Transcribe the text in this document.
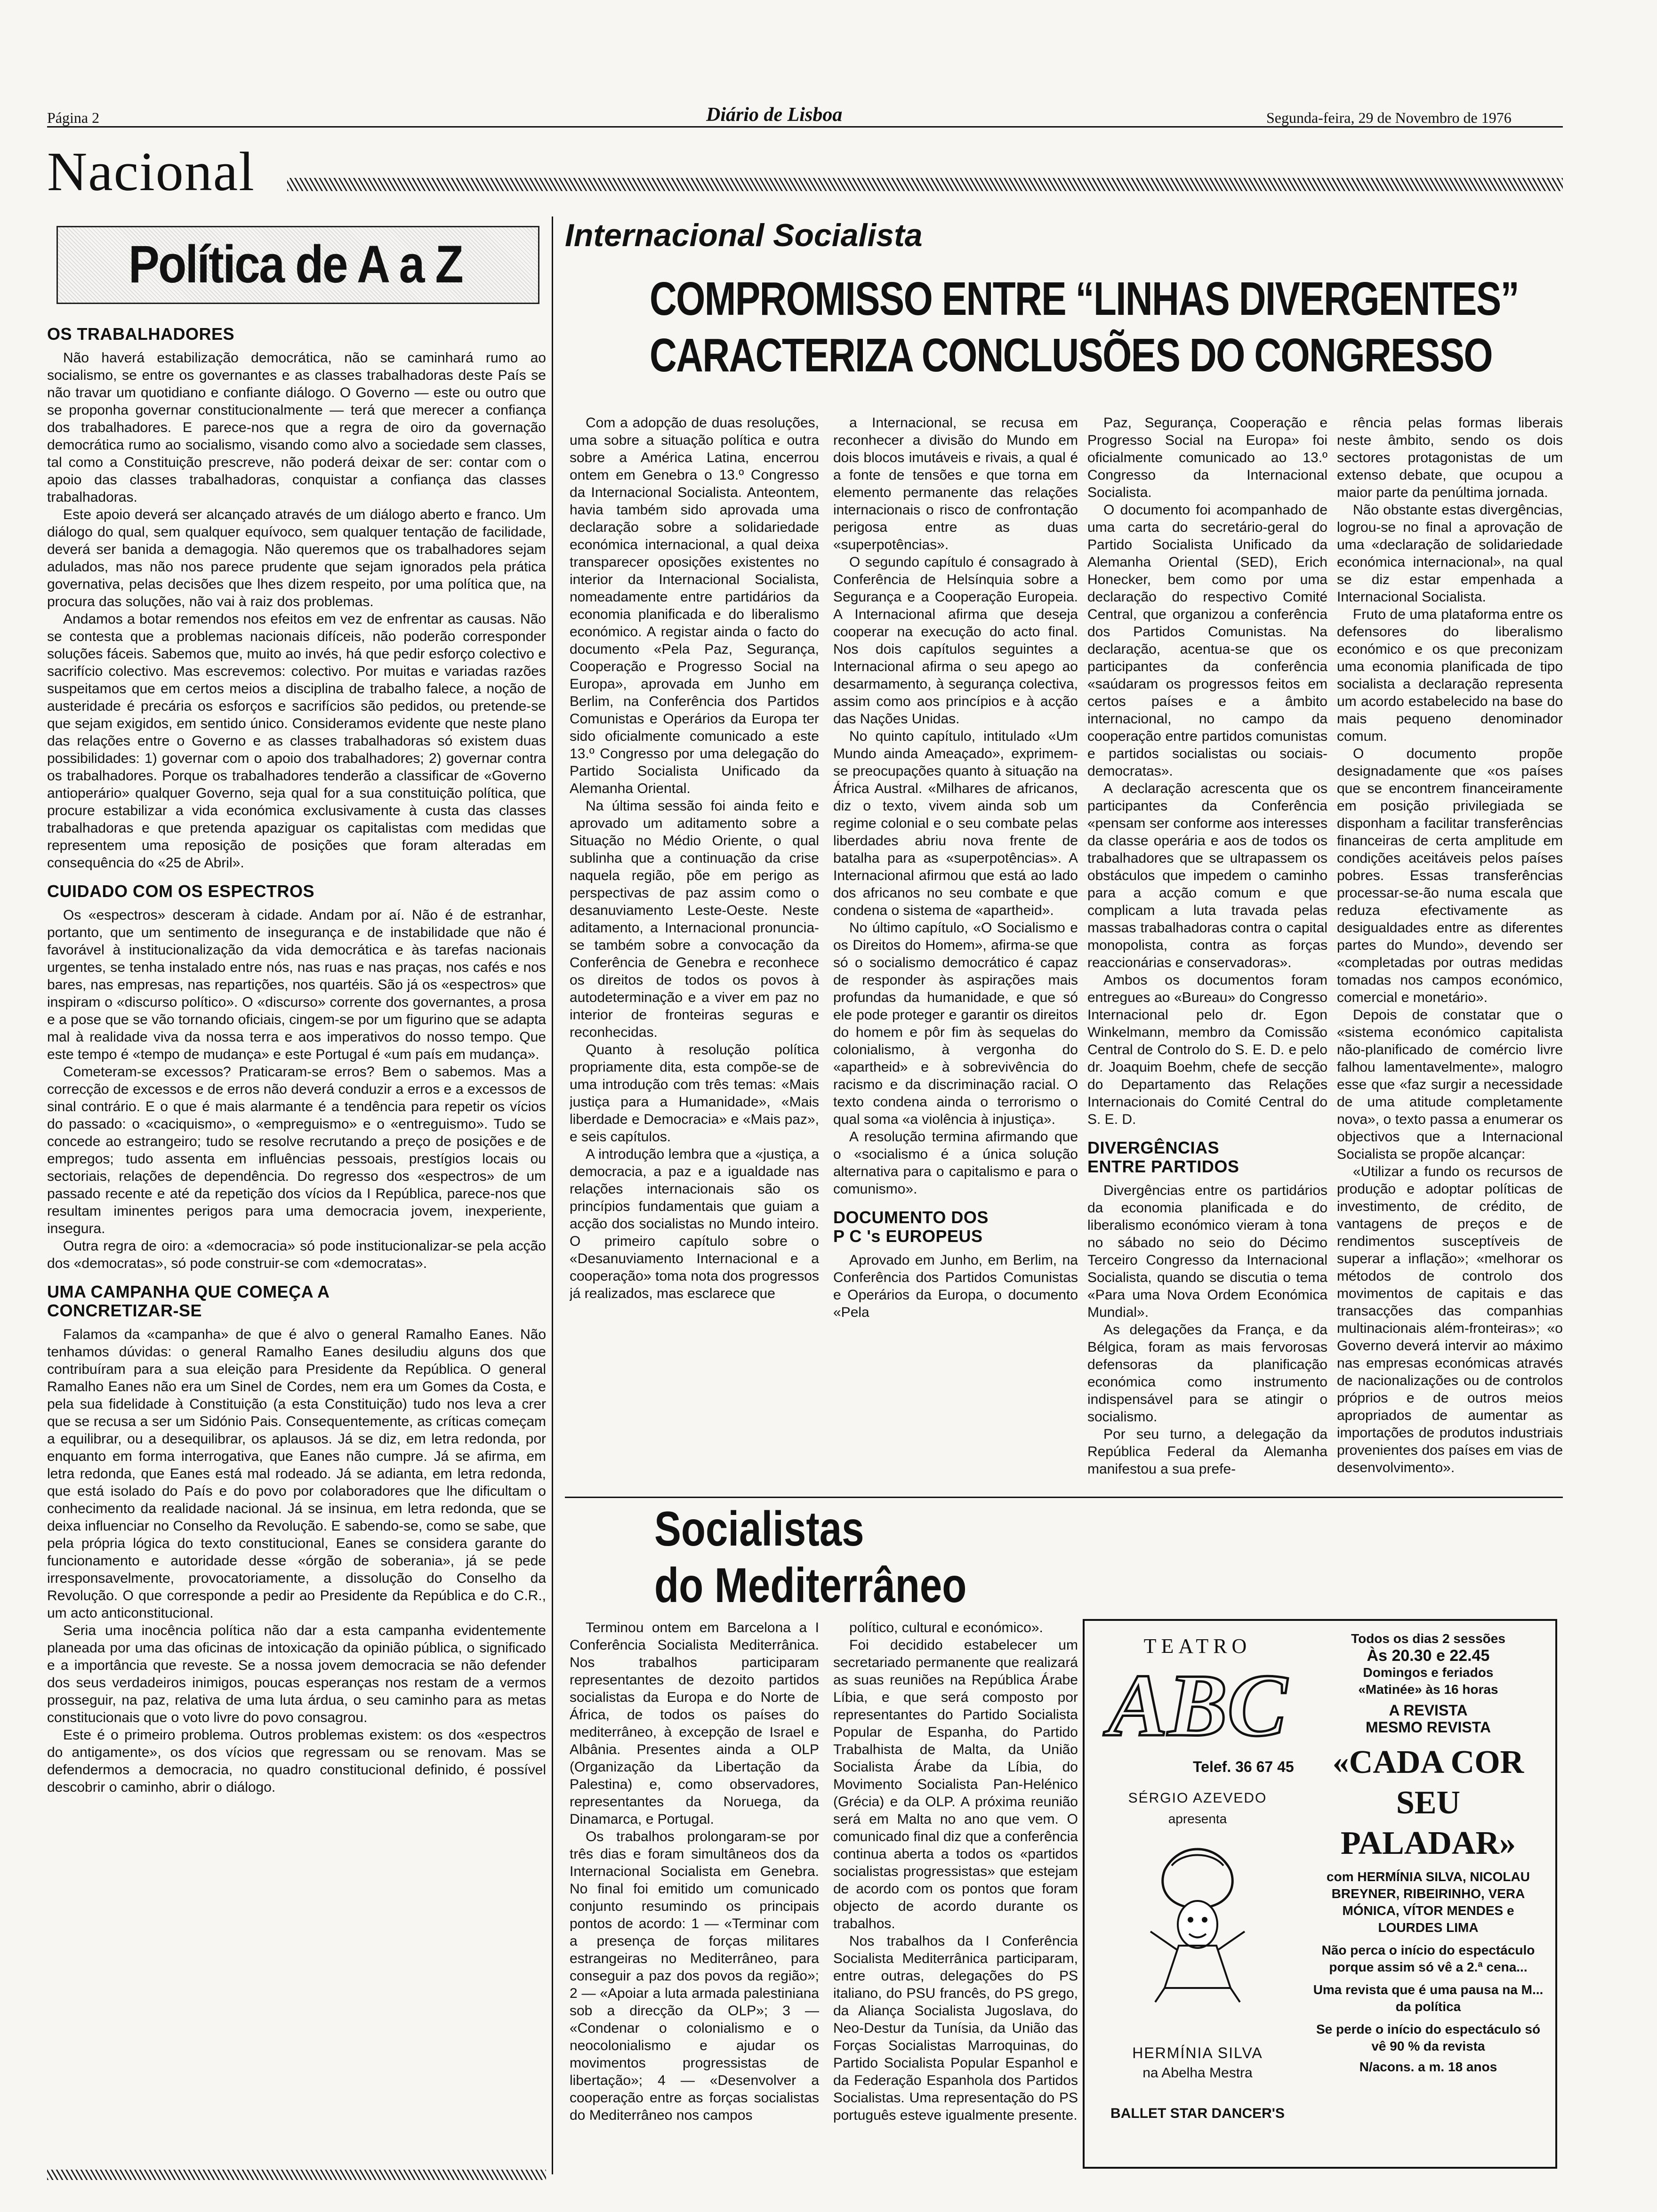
Página 2	Diário de Lisboa	Segunda-feira, 29 de Novembro de 1976
Nacional
Política de A a Z
OS TRABALHADORES

Não haverá estabilização democrática, não se caminhará rumo ao socialismo, se entre os governantes e as classes trabalhadoras deste País se não travar um quotidiano e confiante diálogo. O Governo — este ou outro que se proponha governar constitucionalmente — terá que merecer a confiança dos trabalhadores. E parece-nos que a regra de oiro da governação democrática rumo ao socialismo, visando como alvo a sociedade sem classes, tal como a Constituição prescreve, não poderá deixar de ser: contar com o apoio das classes trabalhadoras, conquistar a confiança das classes trabalhadoras.

Este apoio deverá ser alcançado através de um diálogo aberto e franco. Um diálogo do qual, sem qualquer equívoco, sem qualquer tentação de facilidade, deverá ser banida a demagogia. Não queremos que os trabalhadores sejam adulados, mas não nos parece prudente que sejam ignorados pela prática governativa, pelas decisões que lhes dizem respeito, por uma política que, na procura das soluções, não vai à raiz dos problemas.

Andamos a botar remendos nos efeitos em vez de enfrentar as causas. Não se contesta que a problemas nacionais difíceis, não poderão corresponder soluções fáceis. Sabemos que, muito ao invés, há que pedir esforço colectivo e sacrifício colectivo. Mas escrevemos: colectivo. Por muitas e variadas razões suspeitamos que em certos meios a disciplina de trabalho falece, a noção de austeridade é precária os esforços e sacrifícios são pedidos, ou pretende-se que sejam exigidos, em sentido único. Consideramos evidente que neste plano das relações entre o Governo e as classes trabalhadoras só existem duas possibilidades: 1) governar com o apoio dos trabalhadores; 2) governar contra os trabalhadores. Porque os trabalhadores tenderão a classificar de «Governo antioperário» qualquer Governo, seja qual for a sua constituição política, que procure estabilizar a vida económica exclusivamente à custa das classes trabalhadoras e que pretenda apaziguar os capitalistas com medidas que representem uma reposição de posições que foram alteradas em consequência do «25 de Abril».

CUIDADO COM OS ESPECTROS

Os «espectros» desceram à cidade. Andam por aí. Não é de estranhar, portanto, que um sentimento de insegurança e de instabilidade que não é favorável à institucionalização da vida democrática e às tarefas nacionais urgentes, se tenha instalado entre nós, nas ruas e nas praças, nos cafés e nos bares, nas empresas, nas repartições, nos quartéis. São já os «espectros» que inspiram o «discurso político». O «discurso» corrente dos governantes, a prosa e a pose que se vão tornando oficiais, cingem-se por um figurino que se adapta mal à realidade viva da nossa terra e aos imperativos do nosso tempo. Que este tempo é «tempo de mudança» e este Portugal é «um país em mudança».

Cometeram-se excessos? Praticaram-se erros? Bem o sabemos. Mas a correcção de excessos e de erros não deverá conduzir a erros e a excessos de sinal contrário. E o que é mais alarmante é a tendência para repetir os vícios do passado: o «caciquismo», o «empreguismo» e o «entreguismo». Tudo se concede ao estrangeiro; tudo se resolve recrutando a preço de posições e de empregos; tudo assenta em influências pessoais, prestígios locais ou sectoriais, relações de dependência. Do regresso dos «espectros» de um passado recente e até da repetição dos vícios da I República, parece-nos que resultam iminentes perigos para uma democracia jovem, inexperiente, insegura.

Outra regra de oiro: a «democracia» só pode institucionalizar-se pela acção dos «democratas», só pode construir-se com «democratas».

UMA CAMPANHA QUE COMEÇA A CONCRETIZAR-SE

Falamos da «campanha» de que é alvo o general Ramalho Eanes. Não tenhamos dúvidas: o general Ramalho Eanes desiludiu alguns dos que contribuíram para a sua eleição para Presidente da República. O general Ramalho Eanes não era um Sinel de Cordes, nem era um Gomes da Costa, e pela sua fidelidade à Constituição (a esta Constituição) tudo nos leva a crer que se recusa a ser um Sidónio Pais. Consequentemente, as críticas começam a equilibrar, ou a desequilibrar, os aplausos. Já se diz, em letra redonda, por enquanto em forma interrogativa, que Eanes não cumpre. Já se afirma, em letra redonda, que Eanes está mal rodeado. Já se adianta, em letra redonda, que está isolado do País e do povo por colaboradores que lhe dificultam o conhecimento da realidade nacional. Já se insinua, em letra redonda, que se deixa influenciar no Conselho da Revolução. E sabendo-se, como se sabe, que pela própria lógica do texto constitucional, Eanes se considera garante do funcionamento e autoridade desse «órgão de soberania», já se pede irresponsavelmente, provocatoriamente, a dissolução do Conselho da Revolução. O que corresponde a pedir ao Presidente da República e do C.R., um acto anticonstitucional.

Seria uma inocência política não dar a esta campanha evidentemente planeada por uma das oficinas de intoxicação da opinião pública, o significado e a importância que reveste. Se a nossa jovem democracia se não defender dos seus verdadeiros inimigos, poucas esperanças nos restam de a vermos prosseguir, na paz, relativa de uma luta árdua, o seu caminho para as metas constitucionais que o voto livre do povo consagrou.

Este é o primeiro problema. Outros problemas existem: os dos «espectros do antigamente», os dos vícios que regressam ou se renovam. Mas se defendermos a democracia, no quadro constitucional definido, é possível descobrir o caminho, abrir o diálogo.

Internacional Socialista
COMPROMISSO ENTRE “LINHAS DIVERGENTES”
CARACTERIZA CONCLUSÕES DO CONGRESSO

Com a adopção de duas resoluções, uma sobre a situação política e outra sobre a América Latina, encerrou ontem em Genebra o 13.º Congresso da Internacional Socialista. Anteontem, havia também sido aprovada uma declaração sobre a solidariedade económica internacional, a qual deixa transparecer oposições existentes no interior da Internacional Socialista, nomeadamente entre partidários da economia planificada e do liberalismo económico. A registar ainda o facto do documento «Pela Paz, Segurança, Cooperação e Progresso Social na Europa», aprovada em Junho em Berlim, na Conferência dos Partidos Comunistas e Operários da Europa ter sido oficialmente comunicado a este 13.º Congresso por uma delegação do Partido Socialista Unificado da Alemanha Oriental.

Na última sessão foi ainda feito e aprovado um aditamento sobre a Situação no Médio Oriente, o qual sublinha que a continuação da crise naquela região, põe em perigo as perspectivas de paz assim como o desanuviamento Leste-Oeste. Neste aditamento, a Internacional pronuncia-se também sobre a convocação da Conferência de Genebra e reconhece os direitos de todos os povos à autodeterminação e a viver em paz no interior de fronteiras seguras e reconhecidas.

Quanto à resolução política propriamente dita, esta compõe-se de uma introdução com três temas: «Mais justiça para a Humanidade», «Mais liberdade e Democracia» e «Mais paz», e seis capítulos.

A introdução lembra que a «justiça, a democracia, a paz e a igualdade nas relações internacionais são os princípios fundamentais que guiam a acção dos socialistas no Mundo inteiro. O primeiro capítulo sobre o «Desanuviamento Internacional e a cooperação» toma nota dos progressos já realizados, mas esclarece que

a Internacional, se recusa em reconhecer a divisão do Mundo em dois blocos imutáveis e rivais, a qual é a fonte de tensões e que torna em elemento permanente das relações internacionais o risco de confrontação perigosa entre as duas «superpotências».

O segundo capítulo é consagrado à Conferência de Helsínquia sobre a Segurança e a Cooperação Europeia. A Internacional afirma que deseja cooperar na execução do acto final. Nos dois capítulos seguintes a Internacional afirma o seu apego ao desarmamento, à segurança colectiva, assim como aos princípios e à acção das Nações Unidas.

No quinto capítulo, intitulado «Um Mundo ainda Ameaçado», exprimem-se preocupações quanto à situação na África Austral. «Milhares de africanos, diz o texto, vivem ainda sob um regime colonial e o seu combate pelas liberdades abriu nova frente de batalha para as «superpotências». A Internacional afirmou que está ao lado dos africanos no seu combate e que condena o sistema de «apartheid».

No último capítulo, «O Socialismo e os Direitos do Homem», afirma-se que só o socialismo democrático é capaz de responder às aspirações mais profundas da humanidade, e que só ele pode proteger e garantir os direitos do homem e pôr fim às sequelas do colonialismo, à vergonha do «apartheid» e à sobrevivência do racismo e da discriminação racial. O texto condena ainda o terrorismo o qual soma «a violência à injustiça».

A resolução termina afirmando que o «socialismo é a única solução alternativa para o capitalismo e para o comunismo».

DOCUMENTO DOS P C 's EUROPEUS

Aprovado em Junho, em Berlim, na Conferência dos Partidos Comunistas e Operários da Europa, o documento «Pela

Paz, Segurança, Cooperação e Progresso Social na Europa» foi oficialmente comunicado ao 13.º Congresso da Internacional Socialista.

O documento foi acompanhado de uma carta do secretário-geral do Partido Socialista Unificado da Alemanha Oriental (SED), Erich Honecker, bem como por uma declaração do respectivo Comité Central, que organizou a conferência dos Partidos Comunistas. Na declaração, acentua-se que os participantes da conferência «saúdaram os progressos feitos em certos países e a âmbito internacional, no campo da cooperação entre partidos comunistas e partidos socialistas ou sociais-democratas».

A declaração acrescenta que os participantes da Conferência «pensam ser conforme aos interesses da classe operária e aos de todos os trabalhadores que se ultrapassem os obstáculos que impedem o caminho para a acção comum e que complicam a luta travada pelas massas trabalhadoras contra o capital monopolista, contra as forças reaccionárias e conservadoras».

Ambos os documentos foram entregues ao «Bureau» do Congresso Internacional pelo dr. Egon Winkelmann, membro da Comissão Central de Controlo do S. E. D. e pelo dr. Joaquim Boehm, chefe de secção do Departamento das Relações Internacionais do Comité Central do S. E. D.

DIVERGÊNCIAS ENTRE PARTIDOS

Divergências entre os partidários da economia planificada e do liberalismo económico vieram à tona no sábado no seio do Décimo Terceiro Congresso da Internacional Socialista, quando se discutia o tema «Para uma Nova Ordem Económica Mundial».

As delegações da França, e da Bélgica, foram as mais fervorosas defensoras da planificação económica como instrumento indispensável para se atingir o socialismo.

Por seu turno, a delegação da República Federal da Alemanha manifestou a sua prefe-

rência pelas formas liberais neste âmbito, sendo os dois sectores protagonistas de um extenso debate, que ocupou a maior parte da penúltima jornada.

Não obstante estas divergências, logrou-se no final a aprovação de uma «declaração de solidariedade económica internacional», na qual se diz estar empenhada a Internacional Socialista.

Fruto de uma plataforma entre os defensores do liberalismo económico e os que preconizam uma economia planificada de tipo socialista a declaração representa um acordo estabelecido na base do mais pequeno denominador comum.

O documento propõe designadamente que «os países que se encontrem financeiramente em posição privilegiada se disponham a facilitar transferências financeiras de certa amplitude em condições aceitáveis pelos países pobres. Essas transferências processar-se-ão numa escala que reduza efectivamente as desigualdades entre as diferentes partes do Mundo», devendo ser «completadas por outras medidas tomadas nos campos económico, comercial e monetário».

Depois de constatar que o «sistema económico capitalista não-planificado de comércio livre falhou lamentavelmente», malogro esse que «faz surgir a necessidade de uma atitude completamente nova», o texto passa a enumerar os objectivos que a Internacional Socialista se propõe alcançar:

«Utilizar a fundo os recursos de produção e adoptar políticas de investimento, de crédito, de vantagens de preços e de rendimentos susceptíveis de superar a inflação»; «melhorar os métodos de controlo dos movimentos de capitais e das transacções das companhias multinacionais além-fronteiras»; «o Governo deverá intervir ao máximo nas empresas económicas através de nacionalizações ou de controlos próprios e de outros meios apropriados de aumentar as importações de produtos industriais provenientes dos países em vias de desenvolvimento».

Socialistas
do Mediterrâneo

Terminou ontem em Barcelona a I Conferência Socialista Mediterrânica. Nos trabalhos participaram representantes de dezoito partidos socialistas da Europa e do Norte de África, de todos os países do mediterrâneo, à excepção de Israel e Albânia. Presentes ainda a OLP (Organização da Libertação da Palestina) e, como observadores, representantes da Noruega, da Dinamarca, e Portugal.

Os trabalhos prolongaram-se por três dias e foram simultâneos dos da Internacional Socialista em Genebra. No final foi emitido um comunicado conjunto resumindo os principais pontos de acordo: 1 — «Terminar com a presença de forças militares estrangeiras no Mediterrâneo, para conseguir a paz dos povos da região»; 2 — «Apoiar a luta armada palestiniana sob a direcção da OLP»; 3 — «Condenar o colonialismo e o neocolonialismo e ajudar os movimentos progressistas de libertação»; 4 — «Desenvolver a cooperação entre as forças socialistas do Mediterrâneo nos campos

político, cultural e económico».

Foi decidido estabelecer um secretariado permanente que realizará as suas reuniões na República Árabe Líbia, e que será composto por representantes do Partido Socialista Popular de Espanha, do Partido Trabalhista de Malta, da União Socialista Árabe da Líbia, do Movimento Socialista Pan-Helénico (Grécia) e da OLP. A próxima reunião será em Malta no ano que vem. O comunicado final diz que a conferência continua aberta a todos os «partidos socialistas progressistas» que estejam de acordo com os pontos que foram objecto de acordo durante os trabalhos.

Nos trabalhos da I Conferência Socialista Mediterrânica participaram, entre outras, delegações do PS italiano, do PSU francês, do PS grego, da Aliança Socialista Jugoslava, do Neo-Destur da Tunísia, da União das Forças Socialistas Marroquinas, do Partido Socialista Popular Espanhol e da Federação Espanhola dos Partidos Socialistas. Uma representação do PS português esteve igualmente presente.

TEATRO
ABC
Telef. 36 67 45
SÉRGIO AZEVEDO
apresenta
HERMÍNIA SILVA
na Abelha Mestra
BALLET STAR DANCER'S
Todos os dias 2 sessões
Às 20.30 e 22.45
Domingos e feriados
«Matinée» às 16 horas
A REVISTA
MESMO REVISTA
«CADA COR
SEU PALADAR»
com HERMÍNIA SILVA, NICOLAU BREYNER, RIBEIRINHO, VERA MÓNICA, VÍTOR MENDES e LOURDES LIMA
Não perca o início do espectáculo porque assim só vê a 2.ª cena...
Uma revista que é uma pausa na M... da política
Se perde o início do espectáculo só vê 90 % da revista
N/acons. a m. 18 anos
